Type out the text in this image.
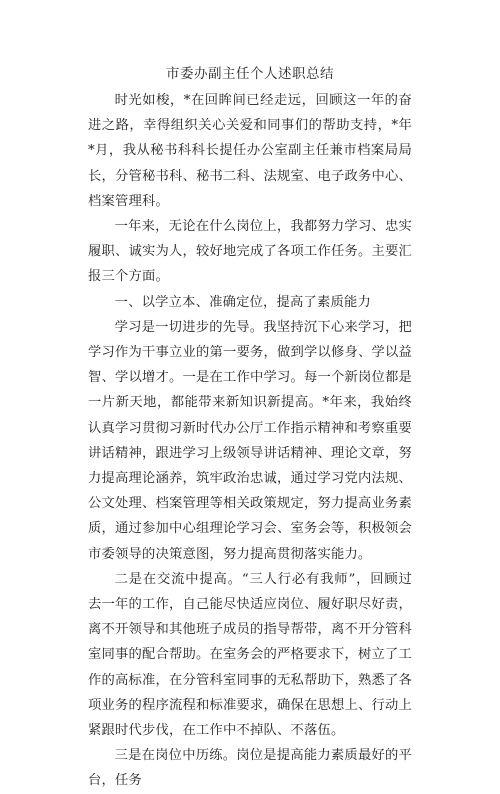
市委办副主任个人述职总结

时光如梭，*在回眸间已经走远，回顾这一年的奋进之路，幸得组织关心关爱和同事们的帮助支持，*年*月，我从秘书科科长提任办公室副主任兼市档案局局长，分管秘书科、秘书二科、法规室、电子政务中心、档案管理科。

一年来，无论在什么岗位上，我都努力学习、忠实履职、诚实为人，较好地完成了各项工作任务。主要汇报三个方面。

一、以学立本、准确定位，提高了素质能力

学习是一切进步的先导。我坚持沉下心来学习，把学习作为干事立业的第一要务，做到学以修身、学以益智、学以增才。一是在工作中学习。每一个新岗位都是一片新天地，都能带来新知识新提高。*年来，我始终认真学习贯彻习新时代办公厅工作指示精神和考察重要讲话精神，跟进学习上级领导讲话精神、理论文章，努力提高理论涵养，筑牢政治忠诚，通过学习党内法规、公文处理、档案管理等相关政策规定，努力提高业务素质，通过参加中心组理论学习会、室务会等，积极领会市委领导的决策意图，努力提高贯彻落实能力。

二是在交流中提高。“三人行必有我师”，回顾过去一年的工作，自己能尽快适应岗位、履好职尽好责，离不开领导和其他班子成员的指导帮带，离不开分管科室同事的配合帮助。在室务会的严格要求下，树立了工作的高标准，在分管科室同事的无私帮助下，熟悉了各项业务的程序流程和标准要求，确保在思想上、行动上紧跟时代步伐，在工作中不掉队、不落伍。

三是在岗位中历练。岗位是提高能力素质最好的平台，任务
